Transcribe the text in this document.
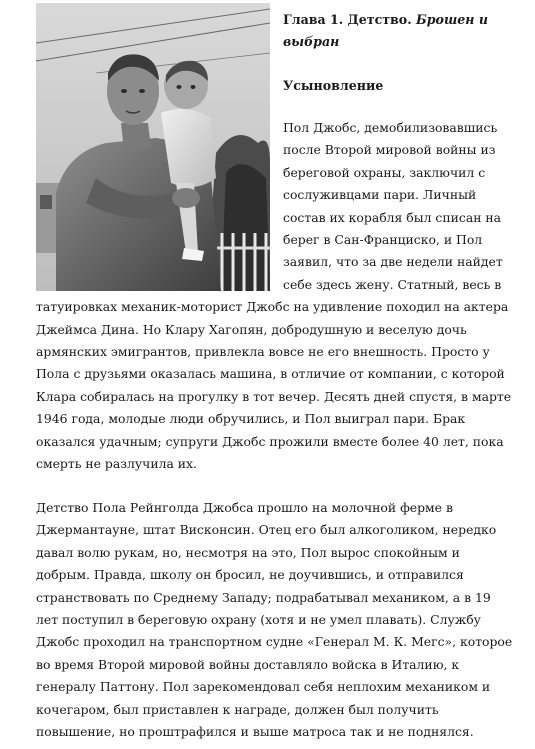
Глава 1. Детство. Брошен и выбран
Усыновление

Пол Джобс, демобилизовавшись после Второй мировой войны из береговой охраны, заключил с сослуживцами пари. Личный состав их корабля был списан на берег в Сан-Франциско, и Пол заявил, что за две недели найдет себе здесь жену. Статный, весь в татуировках механик-моторист Джобс на удивление походил на актера Джеймса Дина. Но Клару Хагопян, добродушную и веселую дочь армянских эмигрантов, привлекла вовсе не его внешность. Просто у Пола с друзьями оказалась машина, в отличие от компании, с которой Клара собиралась на прогулку в тот вечер. Десять дней спустя, в марте 1946 года, молодые люди обручились, и Пол выиграл пари. Брак оказался удачным; супруги Джобс прожили вместе более 40 лет, пока смерть не разлучила их.

Детство Пола Рейнголда Джобса прошло на молочной ферме в Джермантауне, штат Висконсин. Отец его был алкоголиком, нередко давал волю рукам, но, несмотря на это, Пол вырос спокойным и добрым. Правда, школу он бросил, не доучившись, и отправился странствовать по Среднему Западу; подрабатывал механиком, а в 19 лет поступил в береговую охрану (хотя и не умел плавать). Службу Джобс проходил на транспортном судне «Генерал М. К. Мегс», которое во время Второй мировой войны доставляло войска в Италию, к генералу Паттону. Пол зарекомендовал себя неплохим механиком и кочегаром, был приставлен к награде, должен был получить повышение, но проштрафился и выше матроса так и не поднялся.
